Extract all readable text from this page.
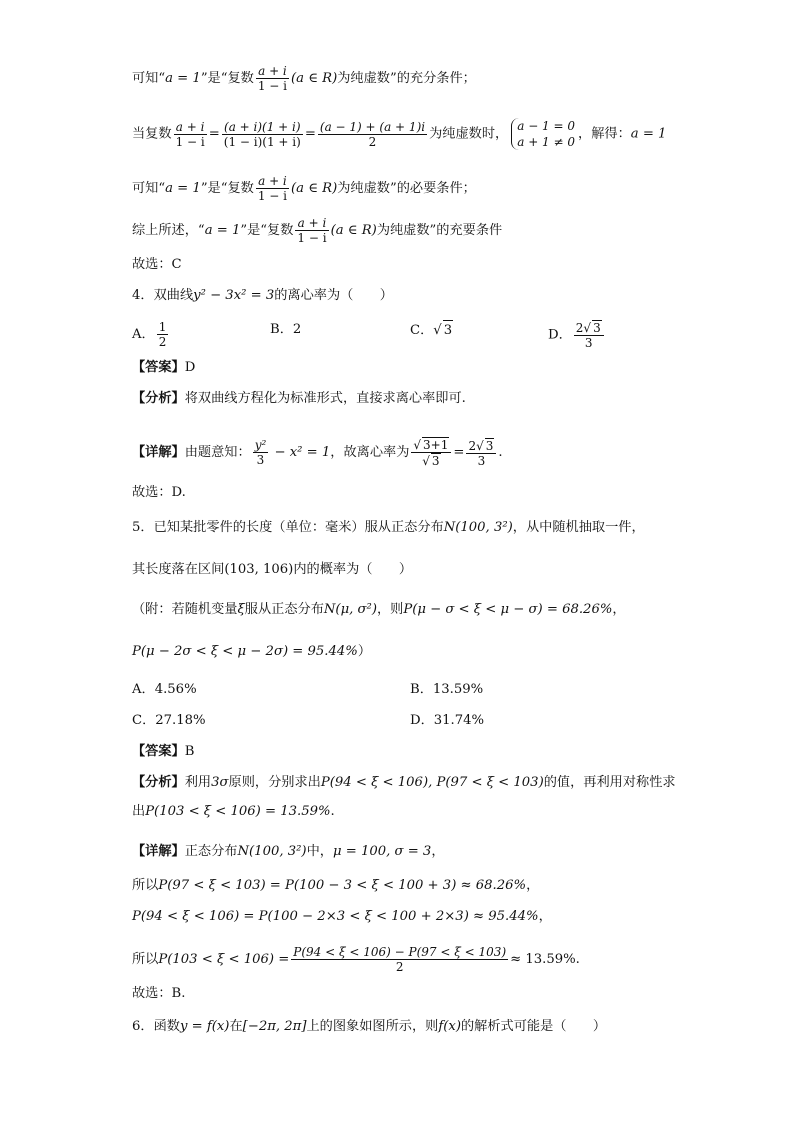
可知“a = 1”是“复数 $\frac{a + i}{1 - i} (a$ ∈ R)为纯虚数”的充分条件；
当复数 $\frac{a + i}{1 - i} = \frac{(a + i)(1 + i)}{(1 - i)(1 + i)} = \frac{(a - 1) + (a + 1)i}{2}$ 为纯虚数时，
a − 1 = 0
a + 1 ≠ 0
，解得：a = 1
可知“a = 1”是“复数 $\frac{a + i}{1 - i} (a$ ∈ R)为纯虚数”的必要条件；
综上所述，“a = 1”是“复数 $\frac{a + i}{1 - i} (a$ ∈ R)为纯虚数”的充要条件
故选：C
4．双曲线y² − 3x² = 3的离心率为（　　）
A． $\frac{1}{2}$	B．2	C．√ 3	D． $\frac{2√ 3}{3}$
【答案】D
【分析】将双曲线方程化为标准形式，直接求离心率即可.
【详解】由题意知： $\frac{\text{y²}}{3} - x^2 = 1$，故离心率为 $\frac{√ 3+1}{√ 3} = \frac{2√ 3}{3}$ .
故选：D.
5．已知某批零件的长度（单位：毫米）服从正态分布N(100, 3²)，从中随机抽取一件，
其长度落在区间(103, 106)内的概率为（　　）
（附：若随机变量ξ服从正态分布N(μ, σ²)，则P(μ − σ < ξ < μ − σ) = 68.26%，
P(μ − 2σ < ξ < μ − 2σ) = 95.44%）
A．4.56%	B．13.59%
C．27.18%	D．31.74%
【答案】B
【分析】利用3σ原则，分别求出P(94 < ξ < 106), P(97 < ξ < 103)的值，再利用对称性求
出P(103 < ξ < 106) = 13.59%.
【详解】正态分布N(100, 3²)中，μ = 100, σ = 3，
所以P(97 < ξ < 103) = P(100 − 3 < ξ < 100 + 3) ≈ 68.26%，
P(94 < ξ < 106) = P(100 − 2×3 < ξ < 100 + 2×3) ≈ 95.44%，
所以$P(103 < \xi < 106) = \frac{P(94 < \xi < 106) - P(97 < \xi < 103)}{2} \approx 13.59\%$.
故选：B.
6．函数y = f(x)在[−2π, 2π]上的图象如图所示，则f(x)的解析式可能是（　　）
